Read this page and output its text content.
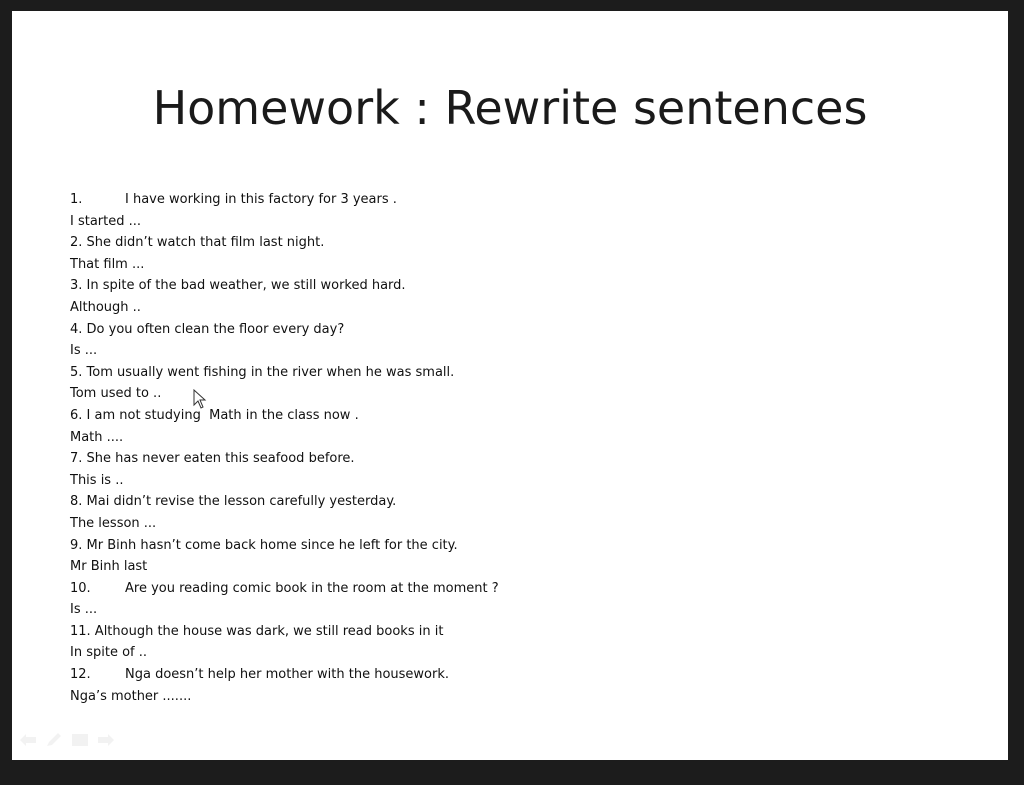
Homework : Rewrite sentences
1.	I have working in this factory for 3 years .
I started ...
2. She didn’t watch that film last night.
That film ...
3. In spite of the bad weather, we still worked hard.
Although ..
4. Do you often clean the floor every day?
Is ...
5. Tom usually went fishing in the river when he was small.
Tom used to ..
6. I am not studying  Math in the class now .
Math ....
7. She has never eaten this seafood before.
This is ..
8. Mai didn’t revise the lesson carefully yesterday.
The lesson ...
9. Mr Binh hasn’t come back home since he left for the city.
Mr Binh last
10.	Are you reading comic book in the room at the moment ?
Is ...
11. Although the house was dark, we still read books in it
In spite of ..
12.	Nga doesn’t help her mother with the housework.
Nga’s mother .......
